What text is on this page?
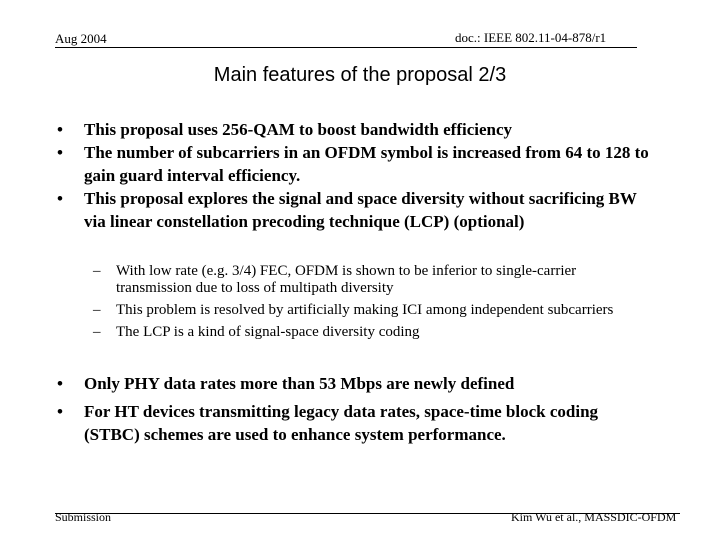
Aug 2004	doc.: IEEE 802.11-04-878/r1
Main features of the proposal 2/3
• This proposal uses 256-QAM to boost bandwidth efficiency
• The number of subcarriers in an OFDM symbol is increased from 64 to 128 to gain guard interval efficiency.
• This proposal explores the signal and space diversity without sacrificing BW via linear constellation precoding technique (LCP) (optional)
– With low rate (e.g. 3/4) FEC, OFDM is shown to be inferior to single-carrier transmission due to loss of multipath diversity
– This problem is resolved by artificially making ICI among independent subcarriers
– The LCP is a kind of signal-space diversity coding
• Only PHY data rates more than 53 Mbps are newly defined
• For HT devices transmitting legacy data rates, space-time block coding (STBC) schemes are used to enhance system performance.
Submission	Kim Wu et al., MASSDIC-OFDM
